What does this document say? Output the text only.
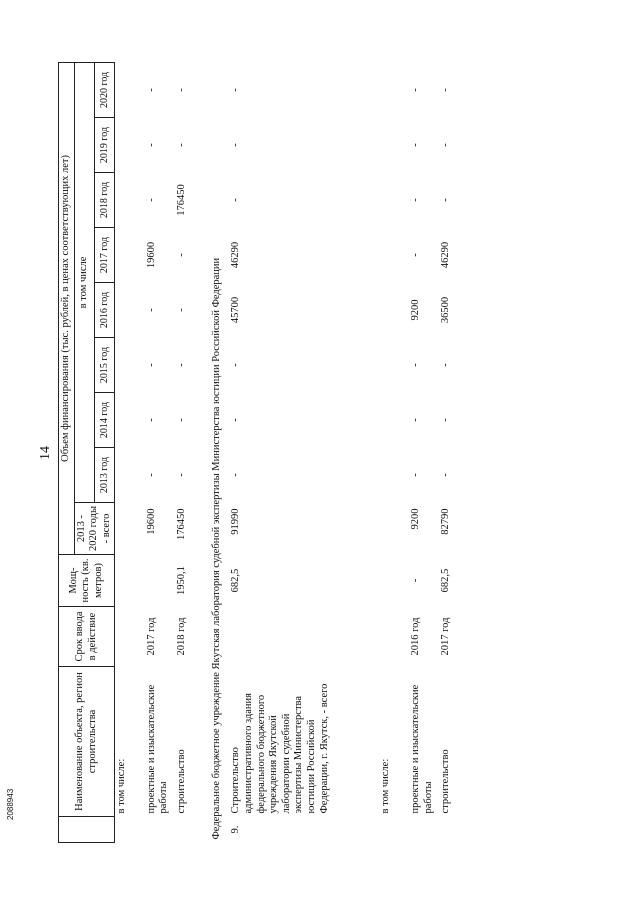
14
	Наименование объекта, регион строительства	Срок ввода в действие	Мощ-ность (кв. метров)	Объем финансирования (тыс. рублей, в ценах соответствующих лет)								
				2013 - 2020 годы - всего	в том числе							
					2013 год	2014 год	2015 год	2016 год	2017 год	2018 год	2019 год	2020 год
	в том числе:											
	проектные и изыскательские работы	2017 год		19600	-	-	-	-	19600	-	-	-
	строительство	2018 год	1950,1	176450	-	-	-	-	-	176450	-	-
Федеральное бюджетное учреждение Якутская лаборатория судебной экспертизы Министерства юстиции Российской Федерации												
9.	Строительство административного здания федерального бюджетного учреждения Якутской лаборатории судебной экспертизы Министерства юстиции Российской Федерации, г. Якутск, - всего		682,5	91990	-	-	-	45700	46290	-	-	-
	в том числе:											
	проектные и изыскательские работы	2016 год	-	9200	-	-	-	9200	-	-	-	-
	строительство	2017 год	682,5	82790	-	-	-	36500	46290	-	-	-
2088943
